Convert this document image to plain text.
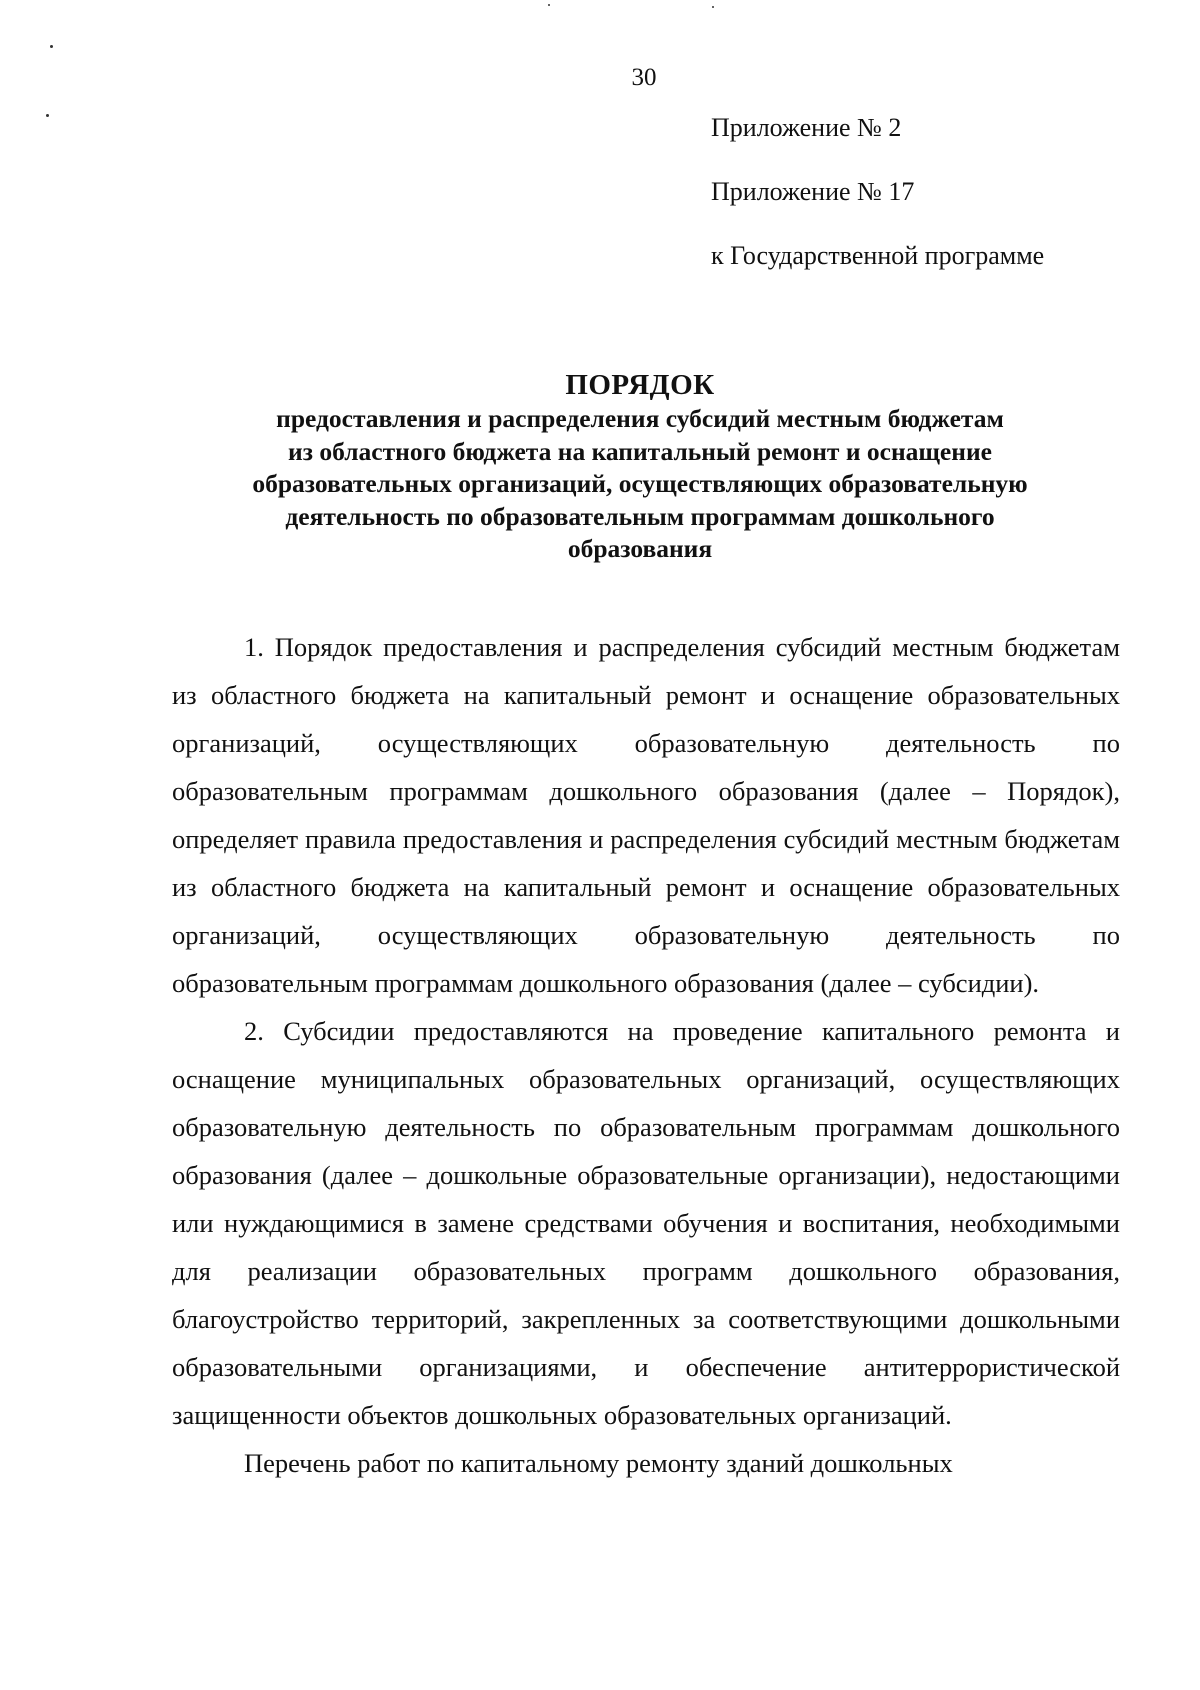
30
Приложение № 2
Приложение № 17
к Государственной программе
ПОРЯДОК
предоставления и распределения субсидий местным бюджетам
из областного бюджета на капитальный ремонт и оснащение
образовательных организаций, осуществляющих образовательную
деятельность по образовательным программам дошкольного
образования

1. Порядок предоставления и распределения субсидий местным бюджетам из областного бюджета на капитальный ремонт и оснащение образовательных организаций, осуществляющих образовательную деятельность по образовательным программам дошкольного образования (далее – Порядок), определяет правила предоставления и распределения субсидий местным бюджетам из областного бюджета на капитальный ремонт и оснащение образовательных организаций, осуществляющих образовательную деятельность по образовательным программам дошкольного образования (далее – субсидии).

2. Субсидии предоставляются на проведение капитального ремонта и оснащение муниципальных образовательных организаций, осуществляющих образовательную деятельность по образовательным программам дошкольного образования (далее – дошкольные образовательные организации), недостающими или нуждающимися в замене средствами обучения и воспитания, необходимыми для реализации образовательных программ дошкольного образования, благоустройство территорий, закрепленных за соответствующими дошкольными образовательными организациями, и обеспечение антитеррористической защищенности объектов дошкольных образовательных организаций.

Перечень работ по капитальному ремонту зданий дошкольных
